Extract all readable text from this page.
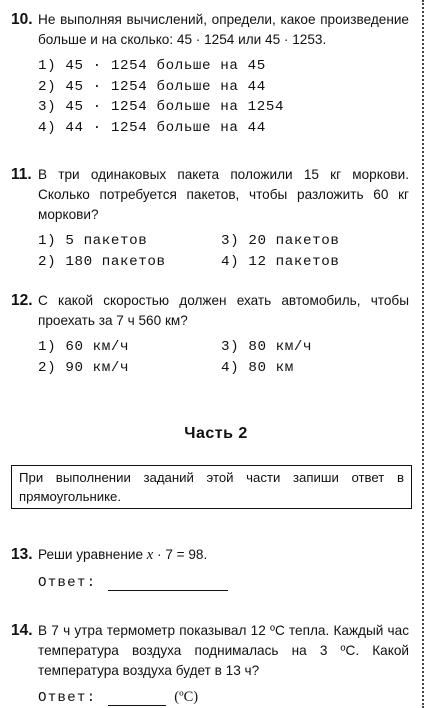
10. Не выполняя вычислений, определи, какое произведение больше и на сколько: 45 · 1254 или 45 · 1253.
1) 45 · 1254 больше на 45
2) 45 · 1254 больше на 44
3) 45 · 1254 больше на 1254
4) 44 · 1254 больше на 44
11. В три одинаковых пакета положили 15 кг моркови. Сколько потребуется пакетов, чтобы разложить 60 кг моркови?
1) 5 пакетов	3) 20 пакетов
2) 180 пакетов	4) 12 пакетов
12. С какой скоростью должен ехать автомобиль, чтобы проехать за 7 ч 560 км?
1) 60 км/ч	3) 80 км/ч
2) 90 км/ч	4) 80 км
Часть 2
При выполнении заданий этой части запиши ответ в прямоугольнике.
13. Реши уравнение x · 7 = 98.
Ответ:
14. В 7 ч утра термометр показывал 12 ºС тепла. Каждый час температура воздуха поднималась на 3 ºС. Какой температура воздуха будет в 13 ч?
Ответ:	(ºС)
